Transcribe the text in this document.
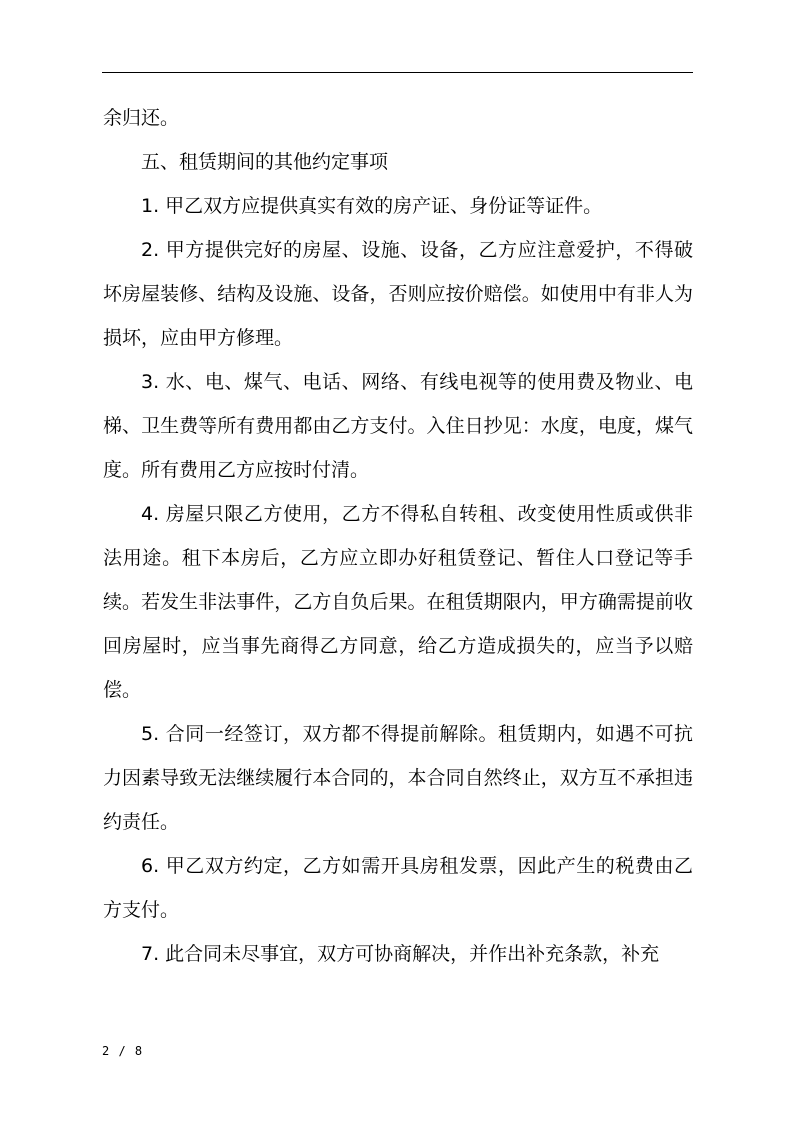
余归还。

五、租赁期间的其他约定事项

1. 甲乙双方应提供真实有效的房产证、身份证等证件。

2. 甲方提供完好的房屋、设施、设备，乙方应注意爱护，不得破坏房屋装修、结构及设施、设备，否则应按价赔偿。如使用中有非人为损坏，应由甲方修理。

3. 水、电、煤气、电话、网络、有线电视等的使用费及物业、电梯、卫生费等所有费用都由乙方支付。入住日抄见：水度，电度，煤气度。所有费用乙方应按时付清。

4. 房屋只限乙方使用，乙方不得私自转租、改变使用性质或供非法用途。租下本房后，乙方应立即办好租赁登记、暂住人口登记等手续。若发生非法事件，乙方自负后果。在租赁期限内，甲方确需提前收回房屋时，应当事先商得乙方同意，给乙方造成损失的，应当予以赔偿。

5. 合同一经签订，双方都不得提前解除。租赁期内，如遇不可抗力因素导致无法继续履行本合同的，本合同自然终止，双方互不承担违约责任。

6. 甲乙双方约定，乙方如需开具房租发票，因此产生的税费由乙方支付。

7. 此合同未尽事宜，双方可协商解决，并作出补充条款，补充

2 / 8
